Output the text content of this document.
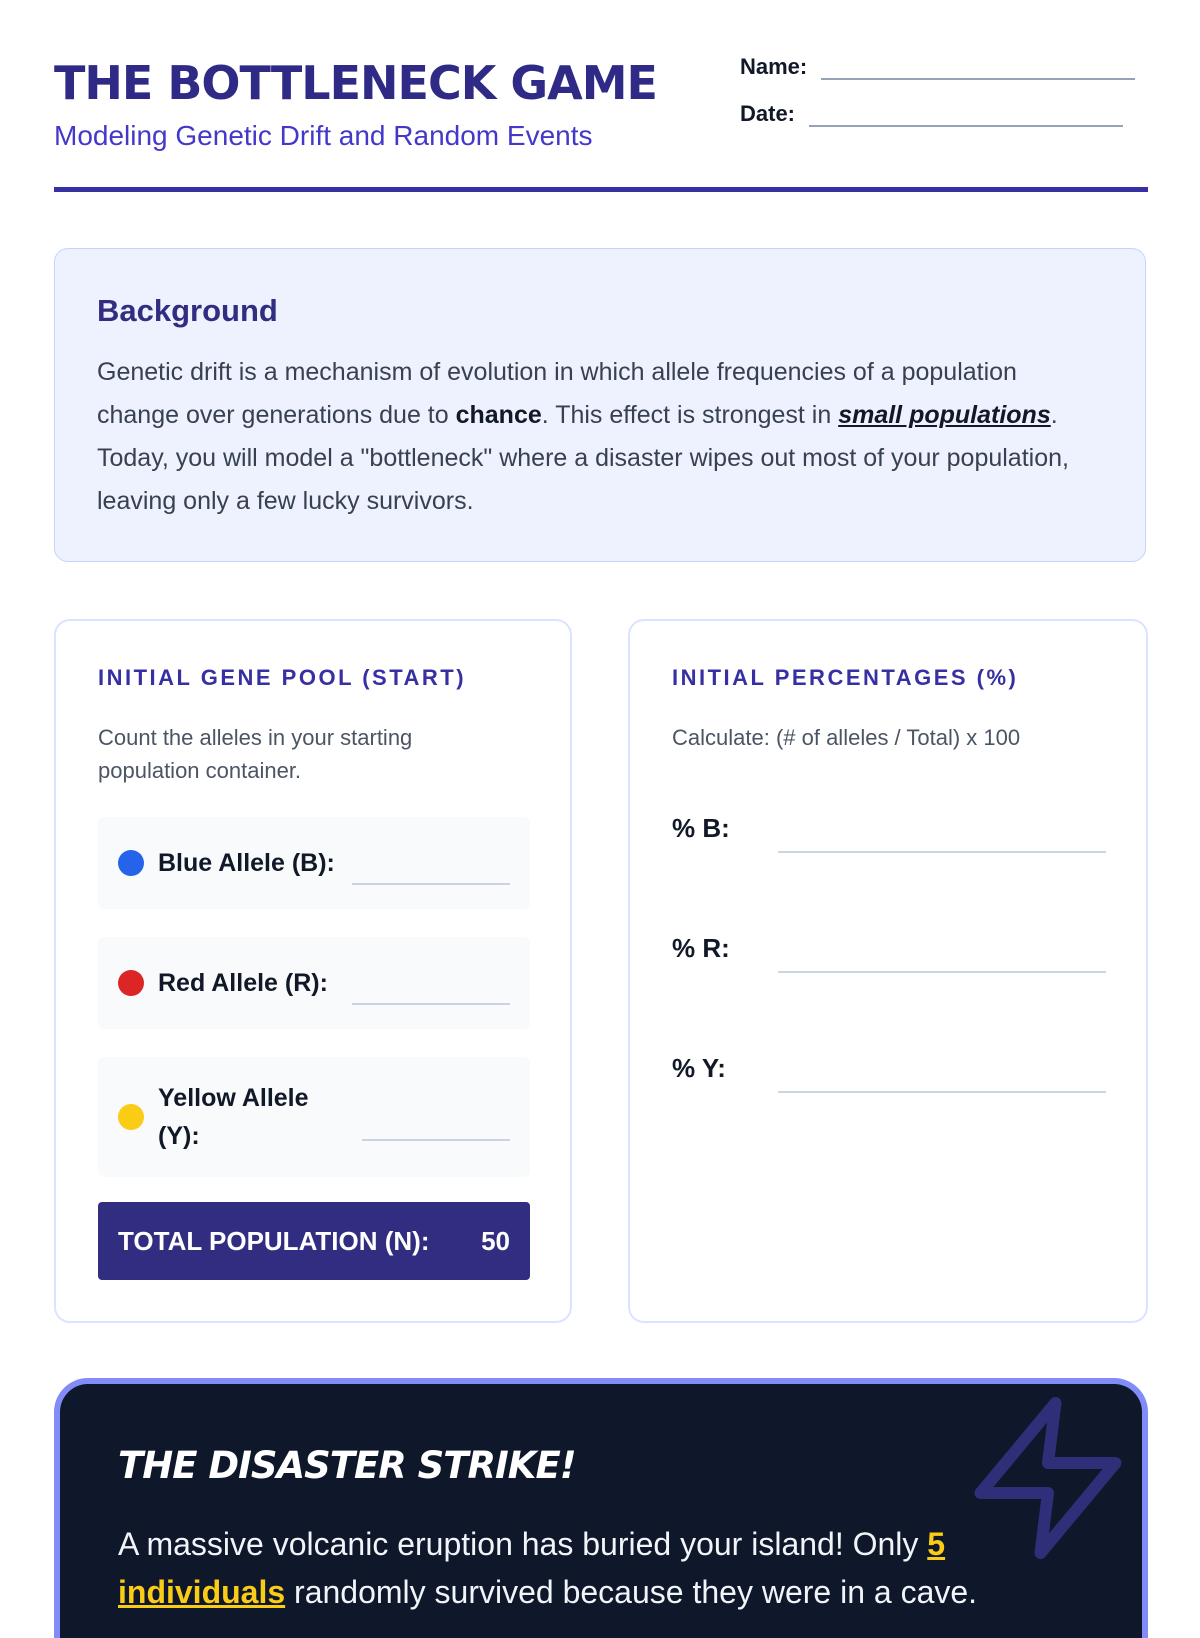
THE BOTTLENECK GAME

Modeling Genetic Drift and Random Events

Name:
Date:
Background

Genetic drift is a mechanism of evolution in which allele frequencies of a population change over generations due to chance. This effect is strongest in small populations. Today, you will model a "bottleneck" where a disaster wipes out most of your population, leaving only a few lucky survivors.

INITIAL GENE POOL (START)

Count the alleles in your starting population container.

Blue Allele (B):
Red Allele (R):
Yellow Allele (Y):
TOTAL POPULATION (N): 50
INITIAL PERCENTAGES (%)

Calculate: (# of alleles / Total) x 100

% B:
% R:
% Y:
THE DISASTER STRIKE!

A massive volcanic eruption has buried your island! Only 5 individuals randomly survived because they were in a cave.
